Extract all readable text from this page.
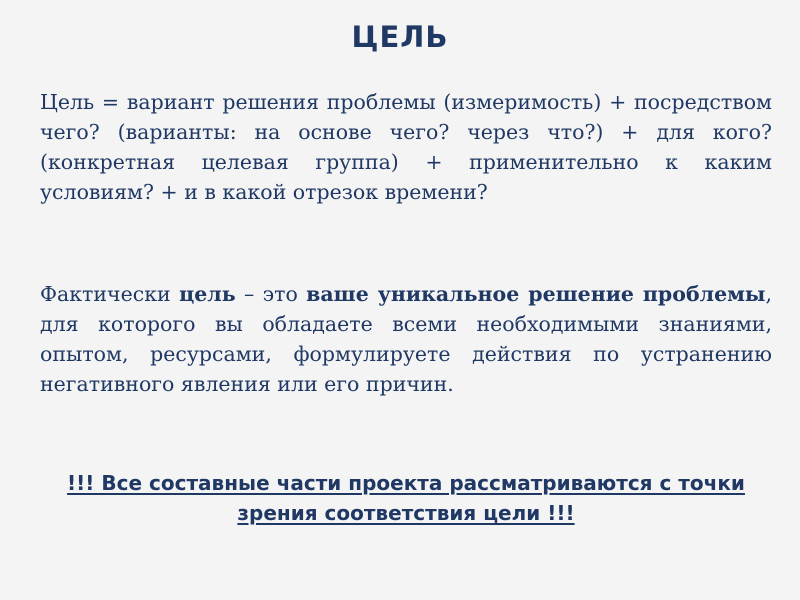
ЦЕЛЬ
Цель = вариант решения проблемы (измеримость) + посредством чего? (варианты: на основе чего? через что?) + для кого? (конкретная целевая группа) + применительно к каким условиям? + и в какой отрезок времени?
Фактически цель – это ваше уникальное решение проблемы, для которого вы обладаете всеми необходимыми знаниями, опытом, ресурсами, формулируете действия по устранению негативного явления или его причин.
!!! Все составные части проекта рассматриваются с точки зрения соответствия цели !!!
